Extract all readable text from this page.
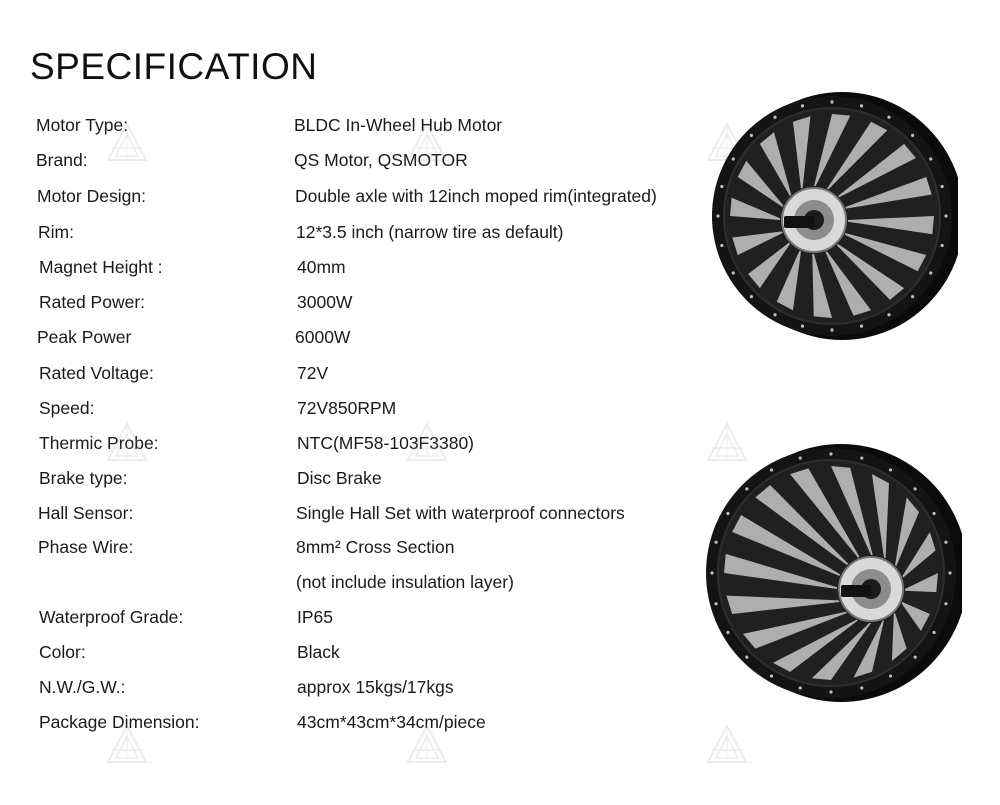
SPECIFICATION
Motor Type:	BLDC In-Wheel Hub Motor
Brand:	QS Motor, QSMOTOR
Motor Design:	Double axle with 12inch moped rim(integrated)
Rim:	12*3.5 inch (narrow tire as default)
Magnet Height :	40mm
Rated Power:	3000W
Peak Power	6000W
Rated Voltage:	72V
Speed:	72V850RPM
Thermic Probe:	NTC(MF58-103F3380)
Brake type:	Disc Brake
Hall Sensor:	Single Hall Set with waterproof connectors
Phase Wire:	8mm² Cross Section
(not include insulation layer)
Waterproof Grade:	IP65
Color:	Black
N.W./G.W.:	approx 15kgs/17kgs
Package Dimension:	43cm*43cm*34cm/piece
